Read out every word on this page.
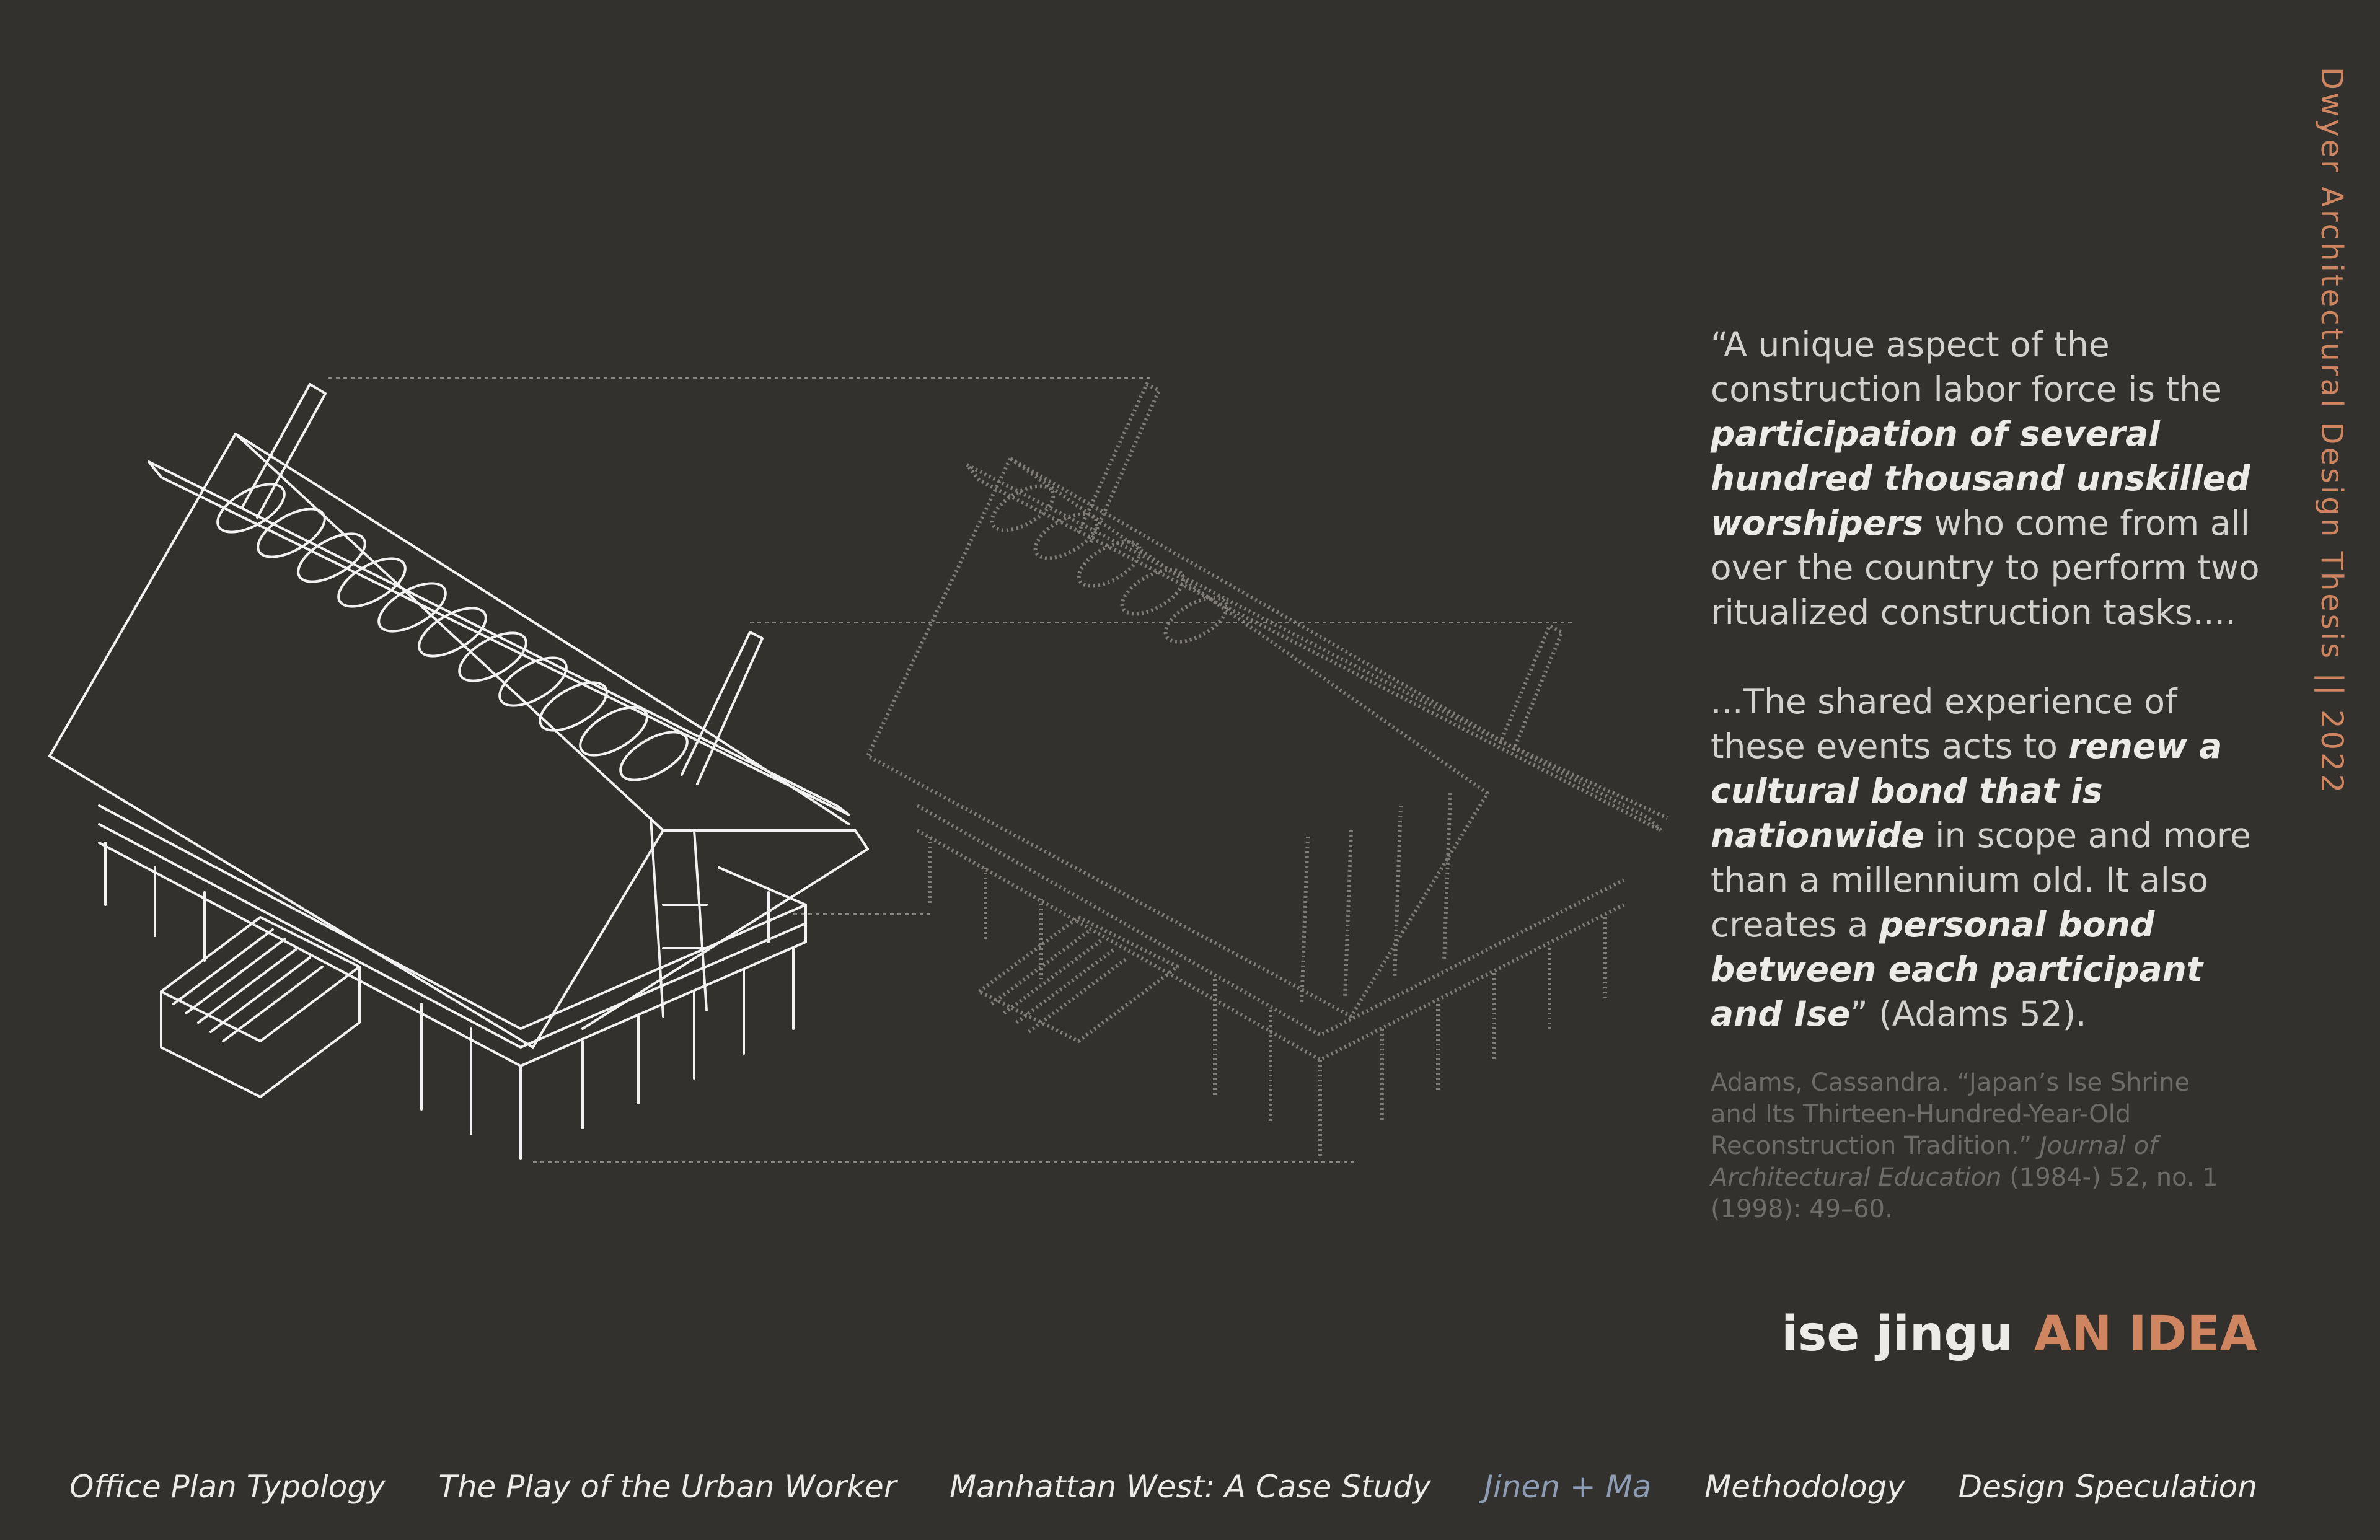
Dwyer Architectural Design Thesis || 2022

“A unique aspect of the construction labor force is the participation of several hundred thousand unskilled worshipers who come from all over the country to perform two ritualized construction tasks....

...The shared experience of these events acts to renew a cultural bond that is nationwide in scope and more than a millennium old. It also creates a personal bond between each participant and Ise” (Adams 52).

Adams, Cassandra. “Japan’s Ise Shrine and Its Thirteen-Hundred-Year-Old Reconstruction Tradition.” Journal of Architectural Education (1984-) 52, no. 1 (1998): 49–60.
ise jingu AN IDEA
Office Plan Typology The Play of the Urban Worker Manhattan West: A Case Study Jinen + Ma Methodology Design Speculation
